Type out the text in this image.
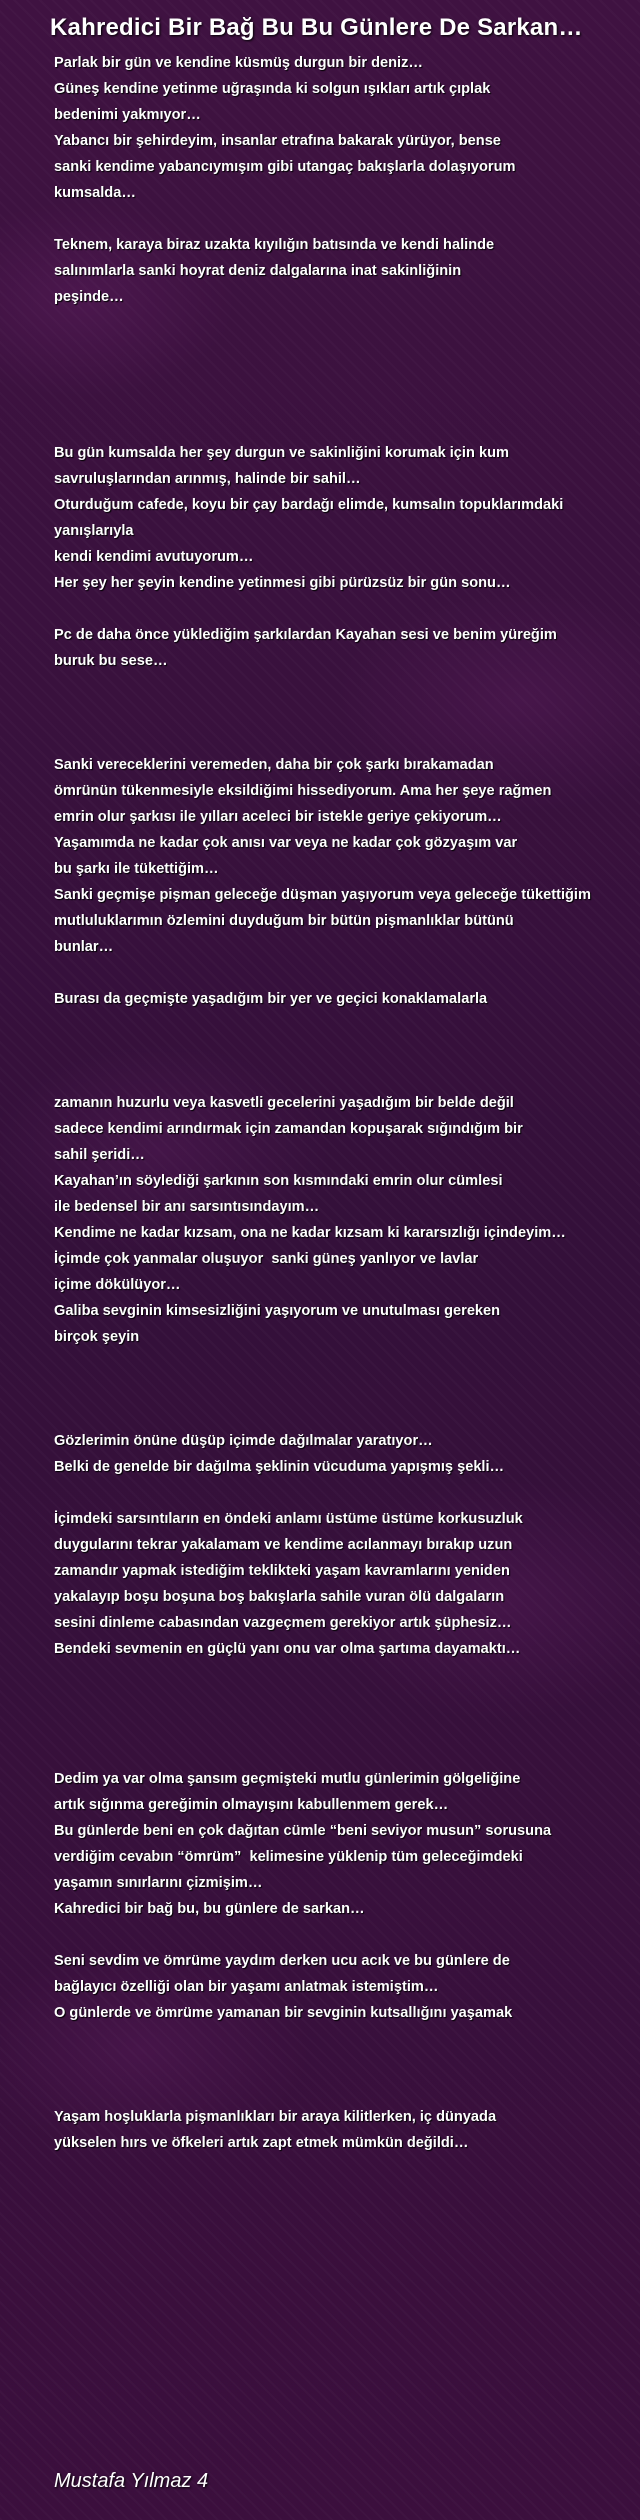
Kahredici Bir Bağ Bu Bu Günlere De Sarkan…
Parlak bir gün ve kendine küsmüş durgun bir deniz…
Güneş kendine yetinme uğraşında ki solgun ışıkları artık çıplak
bedenimi yakmıyor…
Yabancı bir şehirdeyim, insanlar etrafına bakarak yürüyor, bense
sanki kendime yabancıymışım gibi utangaç bakışlarla dolaşıyorum
kumsalda…
Teknem, karaya biraz uzakta kıyılığın batısında ve kendi halinde
salınımlarla sanki hoyrat deniz dalgalarına inat sakinliğinin
peşinde…
Bu gün kumsalda her şey durgun ve sakinliğini korumak için kum
savruluşlarından arınmış, halinde bir sahil…
Oturduğum cafede, koyu bir çay bardağı elimde, kumsalın topuklarımdaki
yanışlarıyla
kendi kendimi avutuyorum…
Her şey her şeyin kendine yetinmesi gibi pürüzsüz bir gün sonu…
Pc de daha önce yüklediğim şarkılardan Kayahan sesi ve benim yüreğim
buruk bu sese…
Sanki vereceklerini veremeden, daha bir çok şarkı bırakamadan
ömrünün tükenmesiyle eksildiğimi hissediyorum. Ama her şeye rağmen
emrin olur şarkısı ile yılları aceleci bir istekle geriye çekiyorum…
Yaşamımda ne kadar çok anısı var veya ne kadar çok gözyaşım var
bu şarkı ile tükettiğim…
Sanki geçmişe pişman geleceğe düşman yaşıyorum veya geleceğe tükettiğim
mutluluklarımın özlemini duyduğum bir bütün pişmanlıklar bütünü
bunlar…
Burası da geçmişte yaşadığım bir yer ve geçici konaklamalarla
zamanın huzurlu veya kasvetli gecelerini yaşadığım bir belde değil
sadece kendimi arındırmak için zamandan kopuşarak sığındığım bir
sahil şeridi…
Kayahan’ın söylediği şarkının son kısmındaki emrin olur cümlesi
ile bedensel bir anı sarsıntısındayım…
Kendime ne kadar kızsam, ona ne kadar kızsam ki kararsızlığı içindeyim…
İçimde çok yanmalar oluşuyor  sanki güneş yanlıyor ve lavlar
içime dökülüyor…
Galiba sevginin kimsesizliğini yaşıyorum ve unutulması gereken
birçok şeyin
Gözlerimin önüne düşüp içimde dağılmalar yaratıyor…
Belki de genelde bir dağılma şeklinin vücuduma yapışmış şekli…
İçimdeki sarsıntıların en öndeki anlamı üstüme üstüme korkusuzluk
duygularını tekrar yakalamam ve kendime acılanmayı bırakıp uzun
zamandır yapmak istediğim teklikteki yaşam kavramlarını yeniden
yakalayıp boşu boşuna boş bakışlarla sahile vuran ölü dalgaların
sesini dinleme cabasından vazgeçmem gerekiyor artık şüphesiz…
Bendeki sevmenin en güçlü yanı onu var olma şartıma dayamaktı…
Dedim ya var olma şansım geçmişteki mutlu günlerimin gölgeliğine
artık sığınma gereğimin olmayışını kabullenmem gerek…
Bu günlerde beni en çok dağıtan cümle “beni seviyor musun” sorusuna
verdiğim cevabın “ömrüm”  kelimesine yüklenip tüm geleceğimdeki
yaşamın sınırlarını çizmişim…
Kahredici bir bağ bu, bu günlere de sarkan…
Seni sevdim ve ömrüme yaydım derken ucu acık ve bu günlere de
bağlayıcı özelliği olan bir yaşamı anlatmak istemiştim…
O günlerde ve ömrüme yamanan bir sevginin kutsallığını yaşamak
Yaşam hoşluklarla pişmanlıkları bir araya kilitlerken, iç dünyada
yükselen hırs ve öfkeleri artık zapt etmek mümkün değildi…
Mustafa Yılmaz 4
